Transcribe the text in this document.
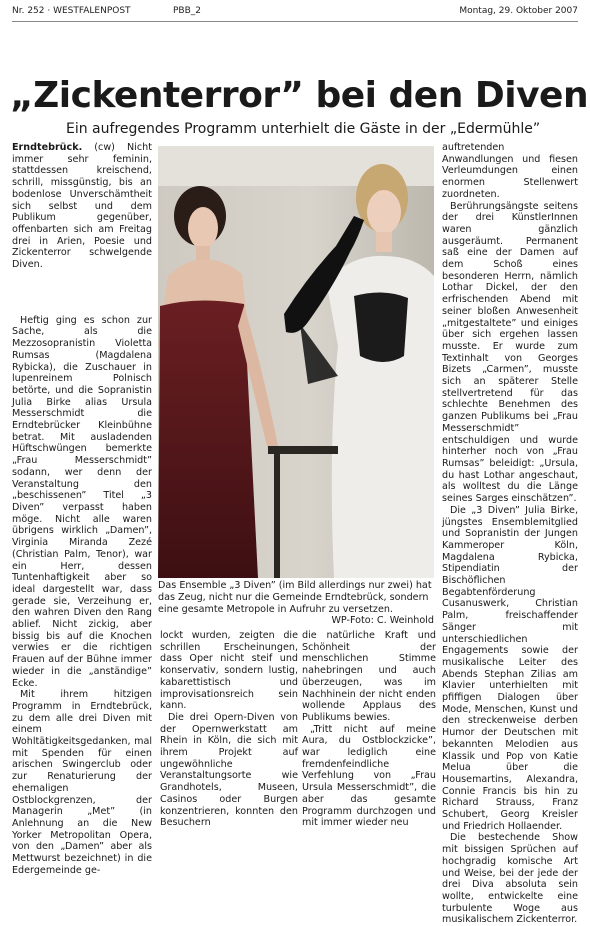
Nr. 252 · WESTFALENPOST	PBB_2	Montag, 29. Oktober 2007
„Zickenterror” bei den Diven
Ein aufregendes Programm unterhielt die Gäste in der „Edermühle”

Erndtebrück. (cw) Nicht immer sehr feminin, stattdessen kreischend, schrill, missgünstig, bis an bodenlose Unverschämtheit sich selbst und dem Publikum gegenüber, offenbarten sich am Freitag drei in Arien, Poesie und Zickenterror schwelgende Diven.

Heftig ging es schon zur Sache, als die Mezzosopranistin Violetta Rumsas (Magdalena Rybicka), die Zuschauer in lupenreinem Polnisch betörte, und die Sopranistin Julia Birke alias Ursula Messerschmidt die Erndtebrücker Kleinbühne betrat. Mit ausladenden Hüftschwüngen bemerkte „Frau Messerschmidt” sodann, wer denn der Veranstaltung den „beschissenen” Titel „3 Diven” verpasst haben möge. Nicht alle waren übrigens wirklich „Damen”, Virginia Miranda Zezé (Christian Palm, Tenor), war ein Herr, dessen Tuntenhaftigkeit aber so ideal dargestellt war, dass gerade sie, Verzeihung er, den wahren Diven den Rang ablief. Nicht zickig, aber bissig bis auf die Knochen verwies er die richtigen Frauen auf der Bühne immer wieder in die „anständige” Ecke.

Mit ihrem hitzigen Programm in Erndtebrück, zu dem alle drei Diven mit einem Wohltätigkeitsgedanken, mal mit Spenden für einen arischen Swingerclub oder zur Renaturierung der ehemaligen Ostblockgrenzen, der Managerin „Met” (in Anlehnung an die New Yorker Metropolitan Opera, von den „Damen” aber als Mettwurst bezeichnet) in die Edergemeinde ge-

Das Ensemble „3 Diven” (im Bild allerdings nur zwei) hat das Zeug, nicht nur die Gemeinde Erndtebrück, sondern eine gesamte Metropole in Aufruhr zu versetzen.
WP-Foto: C. Weinhold

lockt wurden, zeigten die schrillen Erscheinungen, dass Oper nicht steif und konservativ, sondern lustig, kabarettistisch und improvisationsreich sein kann.

Die drei Opern-Diven von der Opernwerkstatt am Rhein in Köln, die sich mit ihrem Projekt auf ungewöhnliche Veranstaltungsorte wie Grandhotels, Museen, Casinos oder Burgen konzentrieren, konnten den Besuchern

die natürliche Kraft und Schönheit der menschlichen Stimme nahebringen und auch überzeugen, was im Nachhinein der nicht enden wollende Applaus des Publikums bewies.

„Tritt nicht auf meine Aura, du Ostblockzicke”, war lediglich eine fremdenfeindliche Verfehlung von „Frau Ursula Messerschmidt”, die aber das gesamte Programm durchzogen und mit immer wieder neu

auftretenden Anwandlungen und fiesen Verleumdungen einen enormen Stellenwert zuordneten.

Berührungsängste seitens der drei KünstlerInnen waren gänzlich ausgeräumt. Permanent saß eine der Damen auf dem Schoß eines besonderen Herrn, nämlich Lothar Dickel, der den erfrischenden Abend mit seiner bloßen Anwesenheit „mitgestaltete” und einiges über sich ergehen lassen musste. Er wurde zum Textinhalt von Georges Bizets „Carmen”, musste sich an späterer Stelle stellvertretend für das schlechte Benehmen des ganzen Publikums bei „Frau Messerschmidt” entschuldigen und wurde hinterher noch von „Frau Rumsas” beleidigt: „Ursula, du hast Lothar angeschaut, als wolltest du die Länge seines Sarges einschätzen”.

Die „3 Diven” Julia Birke, jüngstes Ensemblemitglied und Sopranistin der Jungen Kammeroper Köln, Magdalena Rybicka, Stipendiatin der Bischöflichen Begabtenförderung Cusanuswerk, Christian Palm, freischaffender Sänger mit unterschiedlichen Engagements sowie der musikalische Leiter des Abends Stephan Zilias am Klavier unterhielten mit pfiffigen Dialogen über Mode, Menschen, Kunst und den streckenweise derben Humor der Deutschen mit bekannten Melodien aus Klassik und Pop von Katie Melua über die Housemartins, Alexandra, Connie Francis bis hin zu Richard Strauss, Franz Schubert, Georg Kreisler und Friedrich Hollaender.

Die bestechende Show mit bissigen Sprüchen auf hochgradig komische Art und Weise, bei der jede der drei Diva absoluta sein wollte, entwickelte eine turbulente Woge aus musikalischem Zickenterror.
